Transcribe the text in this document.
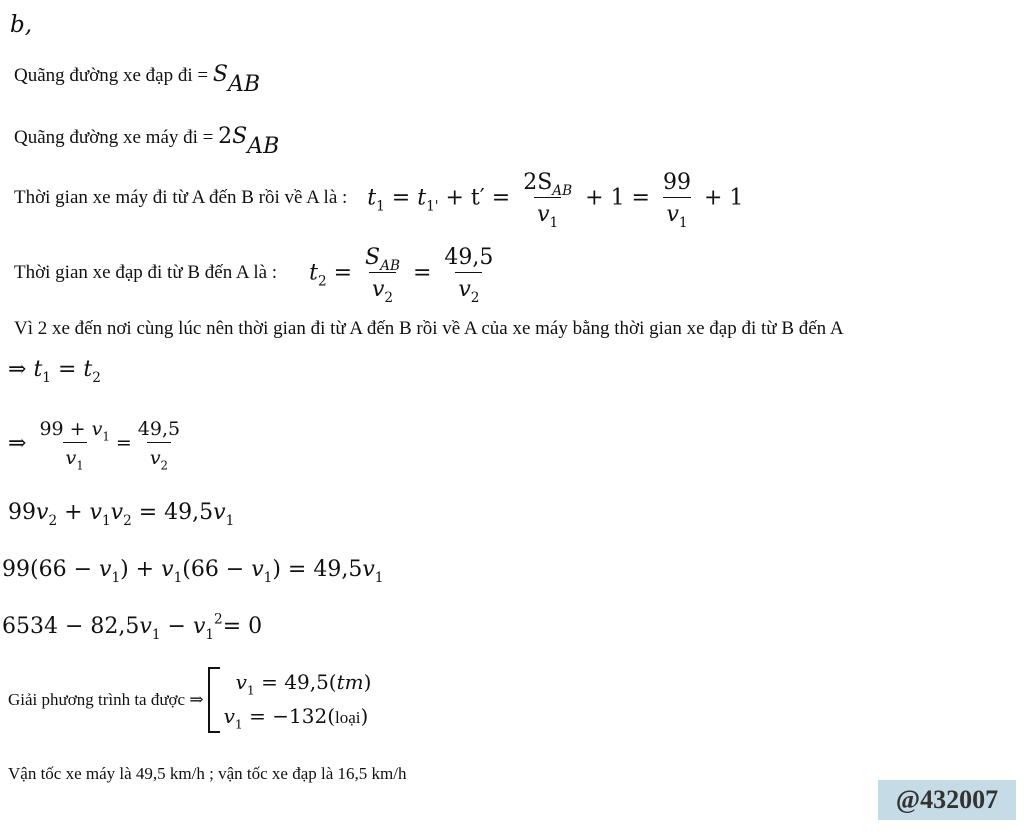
b,
Quãng đường xe đạp đi = $S_{AB}$
Quãng đường xe máy đi = $2S_{AB}$
Thời gian xe máy đi từ A đến B rồi về A là : $t_1 = t_{1'} + t' = \frac{2S_{AB}}{v_1} + 1 = \frac{99}{v_1} + 1$
Thời gian xe đạp đi từ B đến A là : $t_2 = \frac{S_{AB}}{v_2} = \frac{49,5}{v_2}$
Vì 2 xe đến nơi cùng lúc nên thời gian đi từ A đến B rồi về A của xe máy bằng thời gian xe đạp đi từ B đến A
⇒ $t_1 = t_2$
⇒ $\frac{99 + v_1}{v_1} = \frac{49,5}{v_2}$
$99v_2 + v_1v_2 = 49,5v_1$
$99(66 - v_1) + v_1(66 - v_1) = 49,5v_1$
$6534 - 82,5v_1 - v_1^2= 0$
Giải phương trình ta được ⇒
$v_1 = 49,5(tm)$
$v_1$ = −132(loại)
Vận tốc xe máy là 49,5 km/h ; vận tốc xe đạp là 16,5 km/h
@432007
